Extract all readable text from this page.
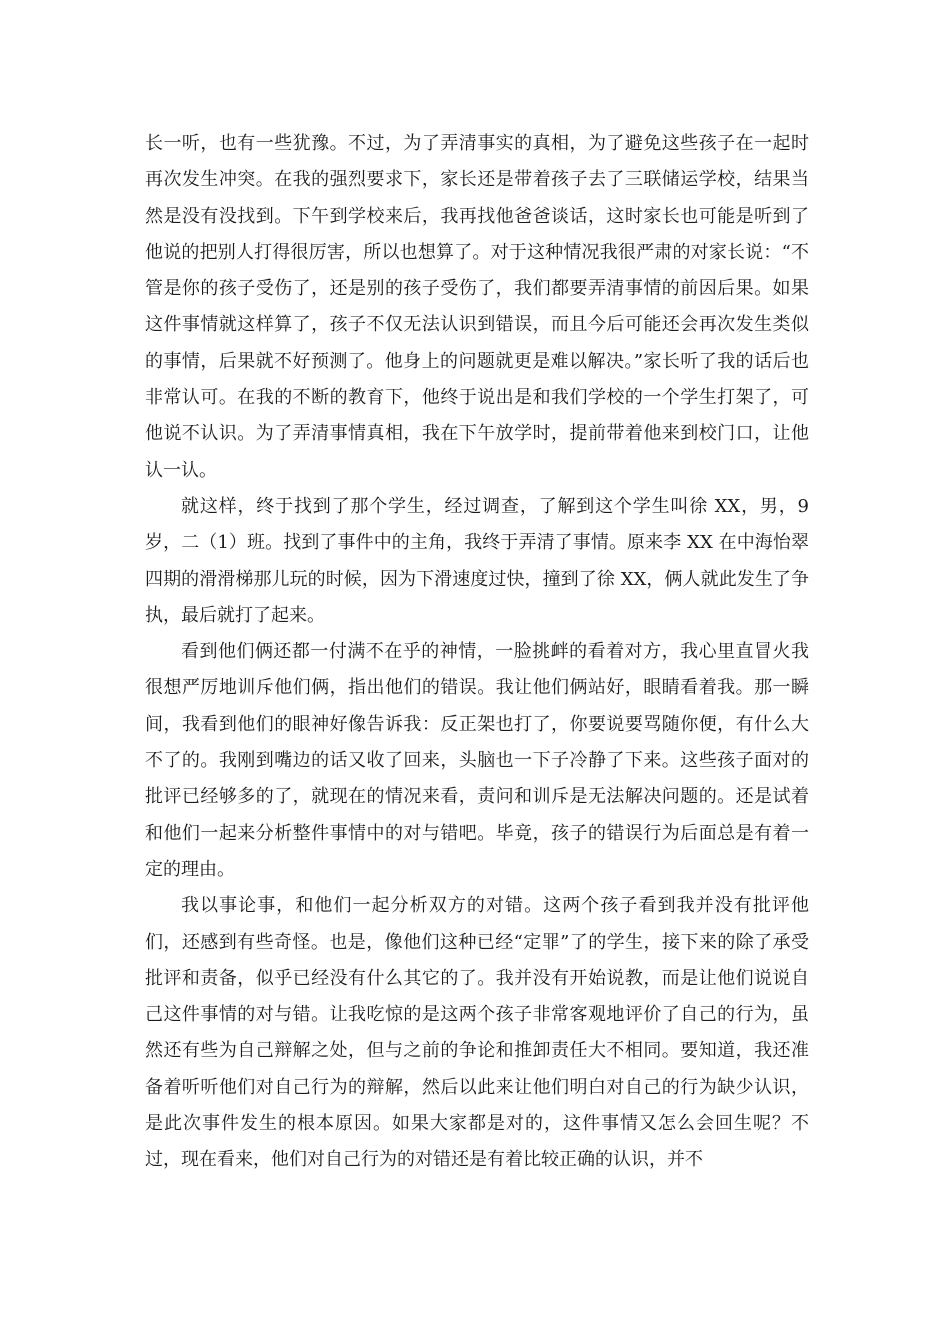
长一听，也有一些犹豫。不过，为了弄清事实的真相，为了避免这些孩子在一起时再次发生冲突。在我的强烈要求下，家长还是带着孩子去了三联储运学校，结果当然是没有没找到。下午到学校来后，我再找他爸爸谈话，这时家长也可能是听到了他说的把别人打得很厉害，所以也想算了。对于这种情况我很严肃的对家长说：“不管是你的孩子受伤了，还是别的孩子受伤了，我们都要弄清事情的前因后果。如果这件事情就这样算了，孩子不仅无法认识到错误，而且今后可能还会再次发生类似的事情，后果就不好预测了。他身上的问题就更是难以解决。”家长听了我的话后也非常认可。在我的不断的教育下，他终于说出是和我们学校的一个学生打架了，可他说不认识。为了弄清事情真相，我在下午放学时，提前带着他来到校门口，让他认一认。

就这样，终于找到了那个学生，经过调查，了解到这个学生叫徐 XX，男，9 岁，二（1）班。找到了事件中的主角，我终于弄清了事情。原来李 XX 在中海怡翠四期的滑滑梯那儿玩的时候，因为下滑速度过快，撞到了徐 XX，俩人就此发生了争执，最后就打了起来。

看到他们俩还都一付满不在乎的神情，一脸挑衅的看着对方，我心里直冒火我很想严厉地训斥他们俩，指出他们的错误。我让他们俩站好，眼睛看着我。那一瞬间，我看到他们的眼神好像告诉我：反正架也打了，你要说要骂随你便，有什么大不了的。我刚到嘴边的话又收了回来，头脑也一下子冷静了下来。这些孩子面对的批评已经够多的了，就现在的情况来看，责问和训斥是无法解决问题的。还是试着和他们一起来分析整件事情中的对与错吧。毕竟，孩子的错误行为后面总是有着一定的理由。

我以事论事，和他们一起分析双方的对错。这两个孩子看到我并没有批评他们，还感到有些奇怪。也是，像他们这种已经“定罪”了的学生，接下来的除了承受批评和责备，似乎已经没有什么其它的了。我并没有开始说教，而是让他们说说自己这件事情的对与错。让我吃惊的是这两个孩子非常客观地评价了自己的行为，虽然还有些为自己辩解之处，但与之前的争论和推卸责任大不相同。要知道，我还准备着听听他们对自己行为的辩解，然后以此来让他们明白对自己的行为缺少认识，是此次事件发生的根本原因。如果大家都是对的，这件事情又怎么会回生呢？不过，现在看来，他们对自己行为的对错还是有着比较正确的认识，并不
